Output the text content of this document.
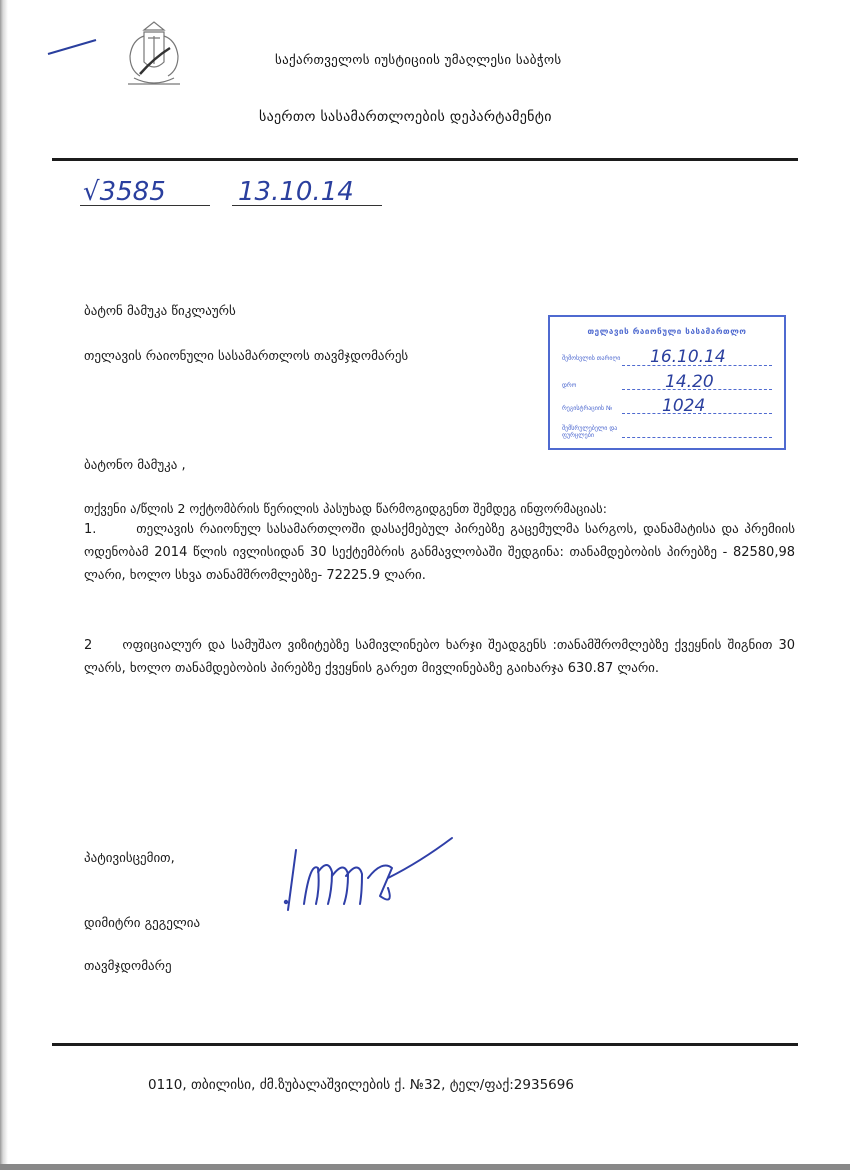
საქართველოს იუსტიციის უმაღლესი საბჭოს
საერთო სასამართლოების დეპარტამენტი
√3585	13.10.14
ბატონ მამუკა წიკლაურს
თელავის რაიონული სასამართლოს თავმჯდომარეს
თელავის რაიონული სასამართლო
შემოსვლის თარიღი 16.10.14
დრო	14.20
რეგისტრაციის №	1024
შემსრულებელი და ფურცლები
ბატონო მამუკა ,
თქვენი ა/წლის 2 ოქტომბრის წერილის პასუხად წარმოგიდგენთ შემდეგ ინფორმაციას:
1.	თელავის რაიონულ სასამართლოში დასაქმებულ პირებზე გაცემულმა სარგოს, დანამატისა და პრემიის ოდენობამ 2014 წლის ივლისიდან 30 სექტემბრის განმავლობაში შედგინა: თანამდებობის პირებზე - 82580,98 ლარი, ხოლო სხვა თანამშრომლებზე- 72225.9 ლარი.
2 ოფიციალურ და სამუშაო ვიზიტებზე სამივლინებო ხარჯი შეადგენს :თანამშრომლებზე ქვეყნის შიგნით 30 ლარს, ხოლო თანამდებობის პირებზე ქვეყნის გარეთ მივლინებაზე გაიხარჯა 630.87 ლარი.
პატივისცემით,
დიმიტრი გეგელია
თავმჯდომარე
0110, თბილისი, ძმ.ზუბალაშვილების ქ. №32, ტელ/ფაქ:2935696
